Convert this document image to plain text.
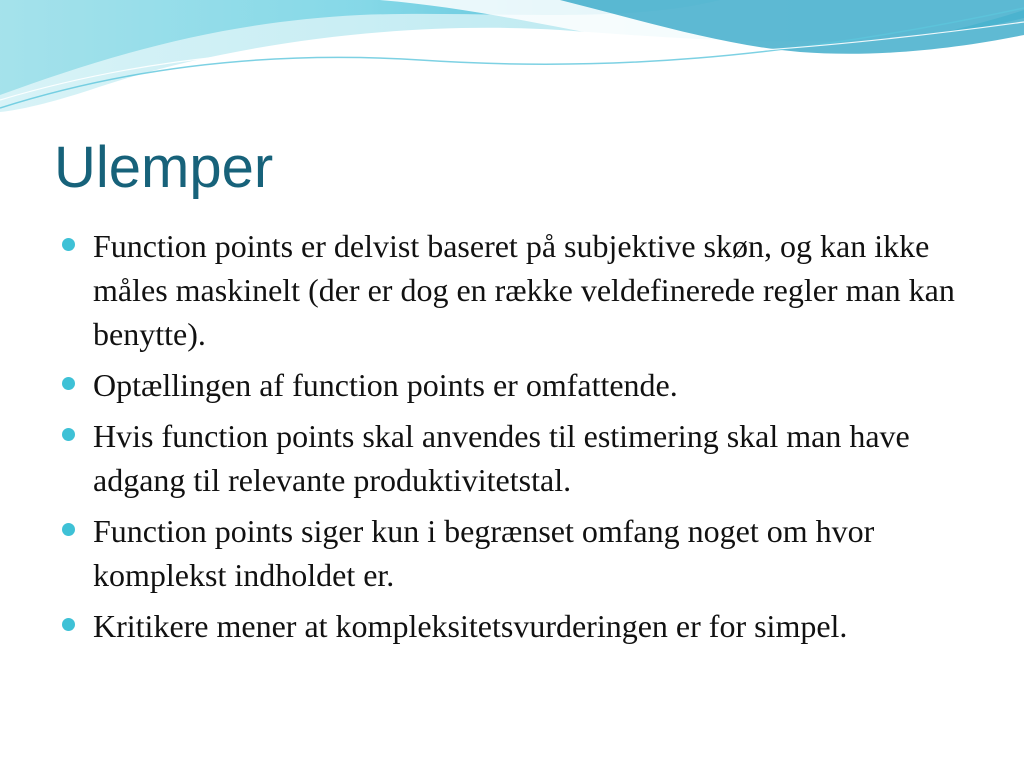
Ulemper
Function points er delvist baseret på subjektive skøn, og kan ikke måles maskinelt (der er dog en række veldefinerede regler man kan benytte).
Optællingen af function points er omfattende.
Hvis function points skal anvendes til estimering skal man have adgang til relevante produktivitetstal.
Function points siger kun i begrænset omfang noget om hvor komplekst indholdet er.
Kritikere mener at kompleksitetsvurderingen er for simpel.
